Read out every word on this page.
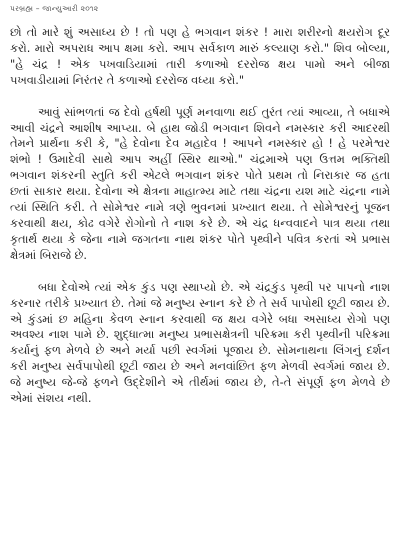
પરબ્રહ્મ – જાન્યુઆરી ૨૦૧૨

છો તો મારે શું અસાધ્ય છે ! તો પણ હે ભગવાન શંકર ! મારા શરીરનો ક્ષયરોગ દૂર કરો. મારો અપરાધ આપ ક્ષમા કરો. આપ સર્વકાળ મારું કલ્યાણ કરો." શિવ બોલ્યા, "હે ચંદ્ર ! એક પખવાડિયામાં તારી કળાઓ દરરોજ ક્ષય પામો અને બીજા પખવાડીયામાં નિરંતર તે કળાઓ દરરોજ વધ્યા કરો."

આવું સાંભળતાં જ દેવો હર્ષથી પૂર્ણ મનવાળા થઈ તુરંત ત્યાં આવ્યા, તે બધાએ આવી ચંદ્રને આશીષ આપ્યા. બે હાથ જોડી ભગવાન શિવને નમસ્કાર કરી આદરથી તેમને પ્રાર્થના કરી કે, "હે દેવોના દેવ મહાદેવ ! આપને નમસ્કાર હો ! હે પરમેશ્વર શંભો ! ઉમાદેવી સાથે આપ અહીં સ્થિર થાઓ." ચંદ્રમાએ પણ ઉત્તમ ભક્તિથી ભગવાન શંકરની સ્તુતિ કરી એટલે ભગવાન શંકર પોતે પ્રથમ તો નિરાકાર જ હતા છતાં સાકાર થયા. દેવોના એ ક્ષેત્રના માહાત્મ્ય માટે તથા ચંદ્રના યશ માટે ચંદ્રના નામે ત્યાં સ્થિતિ કરી. તે સોમેશ્વર નામે ત્રણે ભુવનમાં પ્રખ્યાત થયા. તે સોમેશ્વરનું પૂજન કરવાથી ક્ષય, કોઢ વગેરે રોગોનો તે નાશ કરે છે. એ ચંદ્ર ધન્વવાદને પાત્ર થયા તથા કૃતાર્થ થયા કે જેના નામે જગતના નાથ શંકર પોતે પૃથ્વીને પવિત્ર કરતાં એ પ્રભાસ ક્ષેત્રમાં બિરાજે છે.

બધા દેવોએ ત્યાં એક કુંડ પણ સ્થાપ્યો છે. એ ચંદ્રકુંડ પૃથ્વી પર પાપનો નાશ કરનાર તરીકે પ્રખ્યાત છે. તેમાં જે મનુષ્ય સ્નાન કરે છે તે સર્વ પાપોથી છૂટી જાય છે. એ કુંડમાં છ મહિના કેવળ સ્નાન કરવાથી જ ક્ષય વગેરે બધા અસાધ્ય રોગો પણ અવશ્ય નાશ પામે છે. શુદ્ધાત્મા મનુષ્ય પ્રભાસક્ષેત્રની પરિક્રમા કરી પૃથ્વીની પરિક્રમા કર્યાનું ફળ મેળવે છે અને મર્યા પછી સ્વર્ગમાં પૂજાય છે. સોમનાથના લિંગનું દર્શન કરી મનુષ્ય સર્વપાપોથી છૂટી જાય છે અને મનવાંછિત ફળ મેળવી સ્વર્ગમાં જાય છે. જે મનુષ્ય જે-જે ફળને ઉદ્દેશીને એ તીર્થમાં જાય છે, તે-તે સંપૂર્ણ ફળ મેળવે છે એમાં સંશય નથી.
